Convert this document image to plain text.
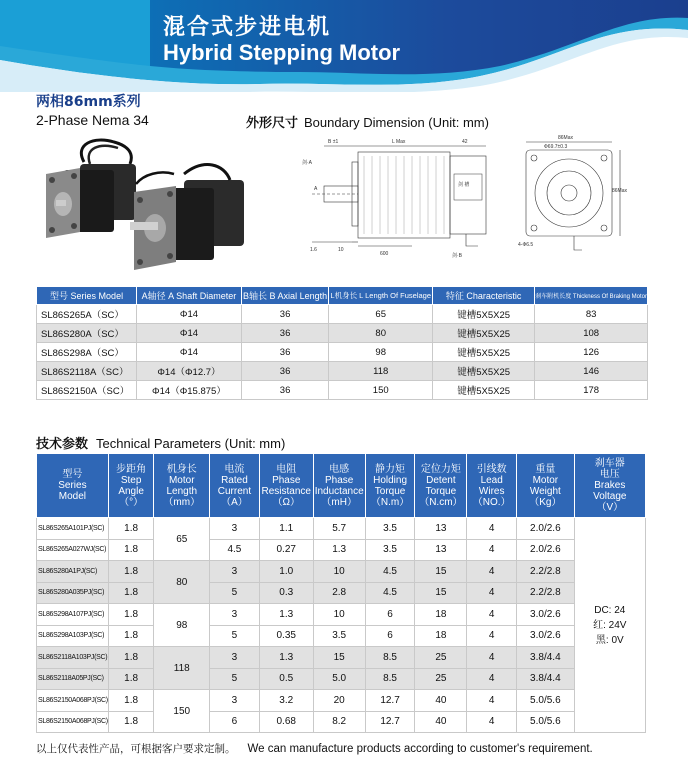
混合式步进电机
Hybrid Stepping Motor
两相86mm系列
2-Phase Nema 34	外形尺寸 Boundary Dimension (Unit: mm)
L Max	42
B ±1
A
10
1.6
600
剑·A
剑·B
剑 槽
86Max
Ф69.7±0.3
86Max
4-Ф6.5
型号 Series Model	A轴径 A Shaft Diameter	B轴长 B Axial Length	L机身长 L Length Of Fuselage	特征 Characteristic	刹车附机长度 Thickness Of Braking Motor
SL86S265A（SC）	Φ14	36	65	键槽5X5X25	83
SL86S280A（SC）	Φ14	36	80	键槽5X5X25	108
SL86S298A（SC）	Φ14	36	98	键槽5X5X25	126
SL86S2118A（SC）	Φ14（Φ12.7）	36	118	键槽5X5X25	146
SL86S2150A（SC）	Φ14（Φ15.875）	36	150	键槽5X5X25	178
技术参数 Technical Parameters (Unit: mm)
型号
Series
Model	步距角
Step
Angle
（°）	机身长
Motor
Length
（mm）	电流
Rated
Current
（A）	电阻
Phase
Resistance
（Ω）	电感
Phase
Inductance
（mH）	静力矩
Holding
Torque
（N.m）	定位力矩
Detent
Torque
（N.cm）	引线数
Lead
Wires
（NO.）	重量
Motor
Weight
（Kg）	刹车器
电压
Brakes
Voltage
（V）

SL86S265A101PJ(SC)	1.8	65	3	1.1	5.7	3.5	13	4	2.0/2.6	DC: 24
红: 24V
黑: 0V

SL86S265A027WJ(SC)	1.8		4.5	0.27	1.3	3.5	13	4	2.0/2.6	
SL86S280A1PJ(SC)	1.8	80	3	1.0	10	4.5	15	4	2.2/2.8	
SL86S280A035PJ(SC)	1.8		5	0.3	2.8	4.5	15	4	2.2/2.8	
SL86S298A107PJ(SC)	1.8	98	3	1.3	10	6	18	4	3.0/2.6	
SL86S298A103PJ(SC)	1.8		5	0.35	3.5	6	18	4	3.0/2.6	
SL86S2118A103PJ(SC)	1.8	118	3	1.3	15	8.5	25	4	3.8/4.4	
SL86S2118A05PJ(SC)	1.8		5	0.5	5.0	8.5	25	4	3.8/4.4	
SL86S2150A068PJ(SC)	1.8	150	3	3.2	20	12.7	40	4	5.0/5.6	
SL86S2150A068PJ(SC)	1.8		6	0.68	8.2	12.7	40	4	5.0/5.6	
以上仅代表性产品，可根据客户要求定制。 We can manufacture products according to customer's requirement.
